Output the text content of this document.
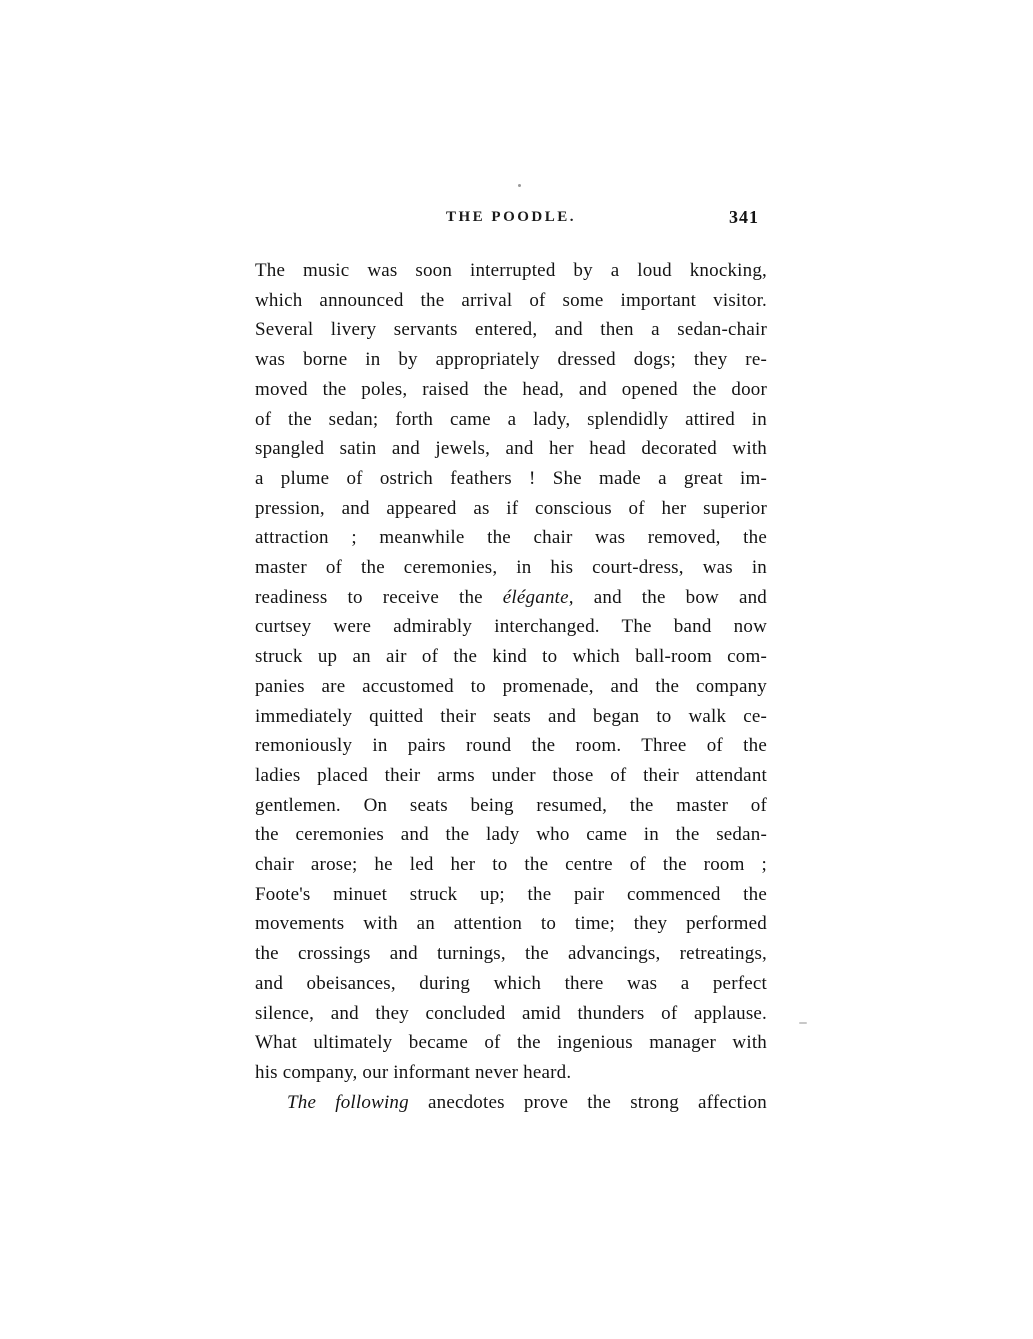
THE POODLE.	341
The music was soon interrupted by a loud knocking,
which announced the arrival of some important visitor.
Several livery servants entered, and then a sedan-chair
was borne in by appropriately dressed dogs; they re-
moved the poles, raised the head, and opened the door
of the sedan; forth came a lady, splendidly attired in
spangled satin and jewels, and her head decorated with
a plume of ostrich feathers ! She made a great im-
pression, and appeared as if conscious of her superior
attraction ; meanwhile the chair was removed, the
master of the ceremonies, in his court-dress, was in
readiness to receive the élégante, and the bow and
curtsey were admirably interchanged. The band now
struck up an air of the kind to which ball-room com-
panies are accustomed to promenade, and the company
immediately quitted their seats and began to walk ce-
remoniously in pairs round the room. Three of the
ladies placed their arms under those of their attendant
gentlemen. On seats being resumed, the master of
the ceremonies and the lady who came in the sedan-
chair arose; he led her to the centre of the room ;
Foote's minuet struck up; the pair commenced the
movements with an attention to time; they performed
the crossings and turnings, the advancings, retreatings,
and obeisances, during which there was a perfect
silence, and they concluded amid thunders of applause.
What ultimately became of the ingenious manager with
his company, our informant never heard.
The following anecdotes prove the strong affection
